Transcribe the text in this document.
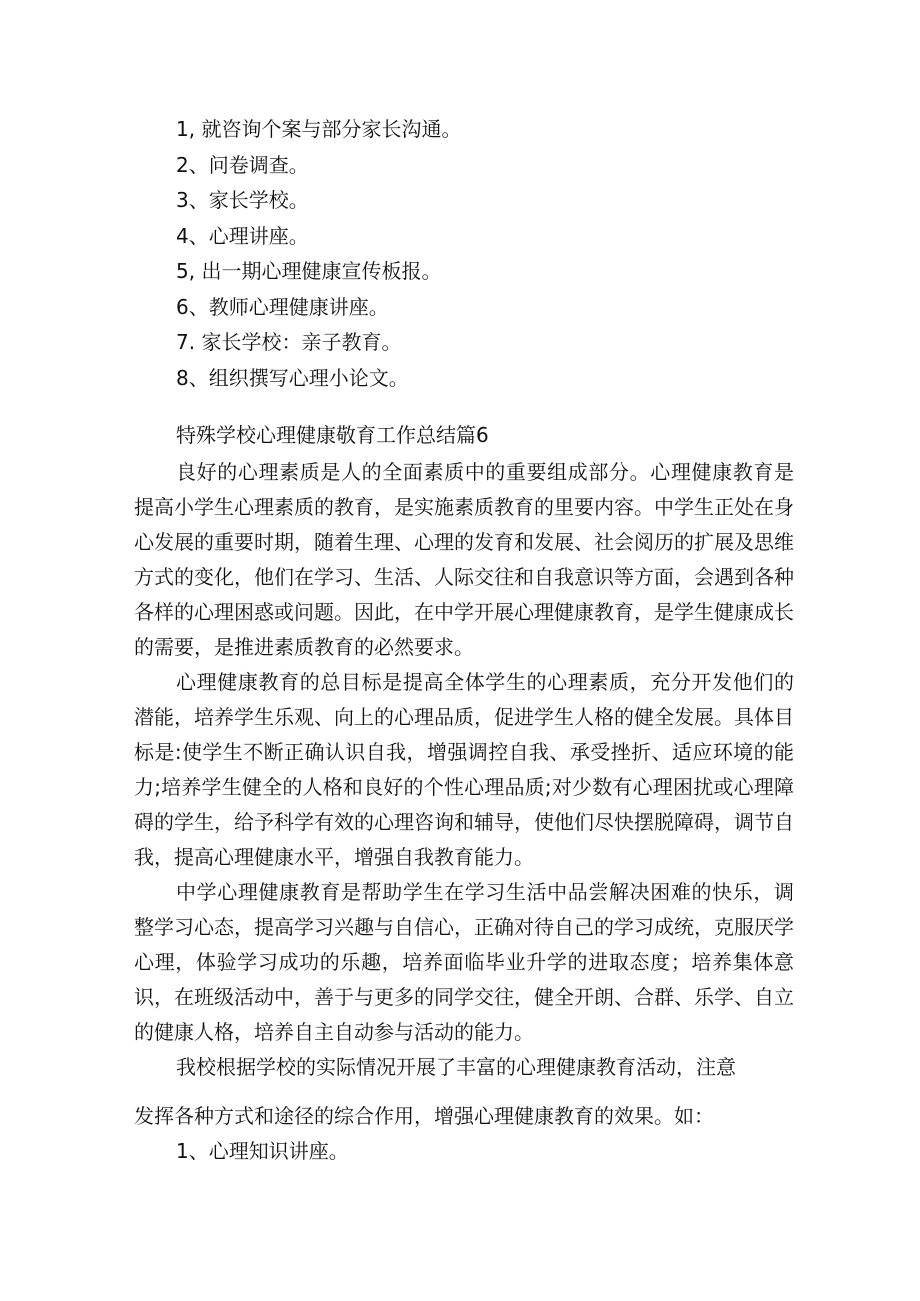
1, 就咨询个案与部分家长沟通。
2、问卷调查。
3、家长学校。
4、心理讲座。
5, 出一期心理健康宣传板报。
6、教师心理健康讲座。
7. 家长学校：亲子教育。
8、组织撰写心理小论文。
特殊学校心理健康敬育工作总结篇6

良好的心理素质是人的全面素质中的重要组成部分。心理健康教育是提高小学生心理素质的教育，是实施素质教育的里要内容。中学生正处在身心发展的重要时期，随着生理、心理的发育和发展、社会阅历的扩展及思维方式的变化，他们在学习、生活、人际交往和自我意识等方面，会遇到各种各样的心理困惑或问题。因此，在中学开展心理健康教育，是学生健康成长的需要，是推进素质教育的必然要求。

心理健康教育的总目标是提高全体学生的心理素质，充分开发他们的潜能，培养学生乐观、向上的心理品质，促进学生人格的健全发展。具体目标是:使学生不断正确认识自我，增强调控自我、承受挫折、适应环境的能力;培养学生健全的人格和良好的个性心理品质;对少数有心理困扰或心理障碍的学生，给予科学有效的心理咨询和辅导，使他们尽快摆脱障碍，调节自我，提高心理健康水平，增强自我教育能力。

中学心理健康教育是帮助学生在学习生活中品尝解决困难的快乐，调整学习心态，提高学习兴趣与自信心，正确对待自己的学习成统，克服厌学心理，体验学习成功的乐趣，培养面临毕业升学的进取态度；培养集体意识，在班级活动中，善于与更多的同学交往，健全开朗、合群、乐学、自立的健康人格，培养自主自动参与活动的能力。

我校根据学校的实际情况开展了丰富的心理健康教育活动，注意

发挥各种方式和途径的综合作用，增强心理健康教育的效果。如：

1、心理知识讲座。
